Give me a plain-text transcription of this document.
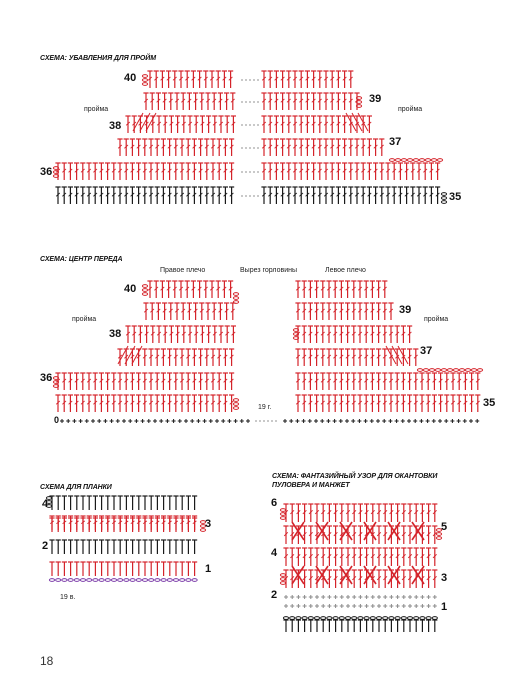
СХЕМА: УБАВЛЕНИЯ ДЛЯ ПРОЙМ
40
39
38
37
36
35
пройма	пройма
СХЕМА: ЦЕНТР ПЕРЕДА
Правое плечо	Вырез горловины	Левое плечо
40
39
38
37
36
35
пройма	пройма
19 г.
0
СХЕМА ДЛЯ ПЛАНКИ
4
3
2
1
19 в.
СХЕМА: ФАНТАЗИЙНЫЙ УЗОР ДЛЯ ОКАНТОВКИ
ПУЛОВЕРА И МАНЖЕТ
6
5
4
3
2
1
18
